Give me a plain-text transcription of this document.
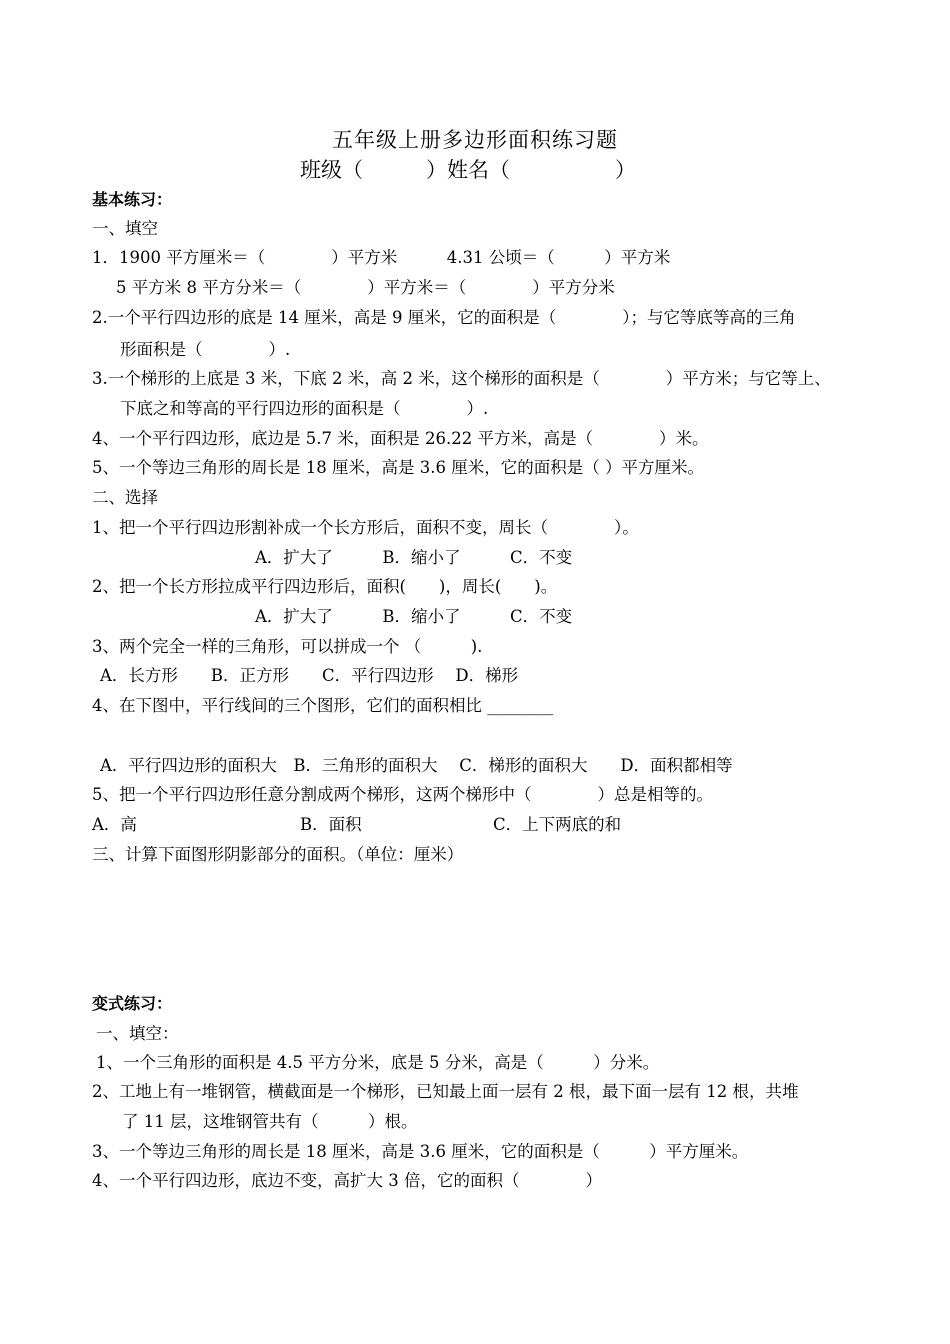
五年级上册多边形面积练习题
班级（　　　）姓名（　　　　　）
基本练习：
一、填空
1．1900 平方厘米＝（　　　　）平方米　　　4.31 公顷＝（　　　）平方米
5 平方米 8 平方分米＝（　　　　）平方米＝（　　　　）平方分米
2.一个平行四边形的底是 14 厘米，高是 9 厘米，它的面积是（　　　　）；与它等底等高的三角
形面积是（　　　　）.
3.一个梯形的上底是 3 米，下底 2 米，高 2 米，这个梯形的面积是（　　　　）平方米；与它等上、
下底之和等高的平行四边形的面积是（　　　　）.
4、一个平行四边形，底边是 5.7 米，面积是 26.22 平方米，高是（　　　　）米。
5、一个等边三角形的周长是 18 厘米，高是 3.6 厘米，它的面积是（ ）平方厘米。
二、选择
1、把一个平行四边形割补成一个长方形后，面积不变，周长（　　　　）。
A．扩大了　　　B．缩小了　　　C．不变
2、把一个长方形拉成平行四边形后，面积(　　)，周长(　　)。
A．扩大了　　　B．缩小了　　　C．不变
3、两个完全一样的三角形，可以拼成一个 （　　　).
A．长方形　　B．正方形　　C．平行四边形　 D．梯形
4、在下图中，平行线间的三个图形，它们的面积相比 ________
A．平行四边形的面积大　B．三角形的面积大　 C．梯形的面积大　　D．面积都相等
5、把一个平行四边形任意分割成两个梯形，这两个梯形中（　　　　）总是相等的。
A．高	B．面积	C．上下两底的和
三、计算下面图形阴影部分的面积。（单位：厘米）
变式练习：
一、填空：
1、一个三角形的面积是 4.5 平方分米，底是 5 分米，高是（　　　）分米。
2、工地上有一堆钢管，横截面是一个梯形，已知最上面一层有 2 根，最下面一层有 12 根，共堆
了 11 层，这堆钢管共有（　　　）根。
3、一个等边三角形的周长是 18 厘米，高是 3.6 厘米，它的面积是（　　　）平方厘米。
4、一个平行四边形，底边不变，高扩大 3 倍，它的面积（　　　　）
